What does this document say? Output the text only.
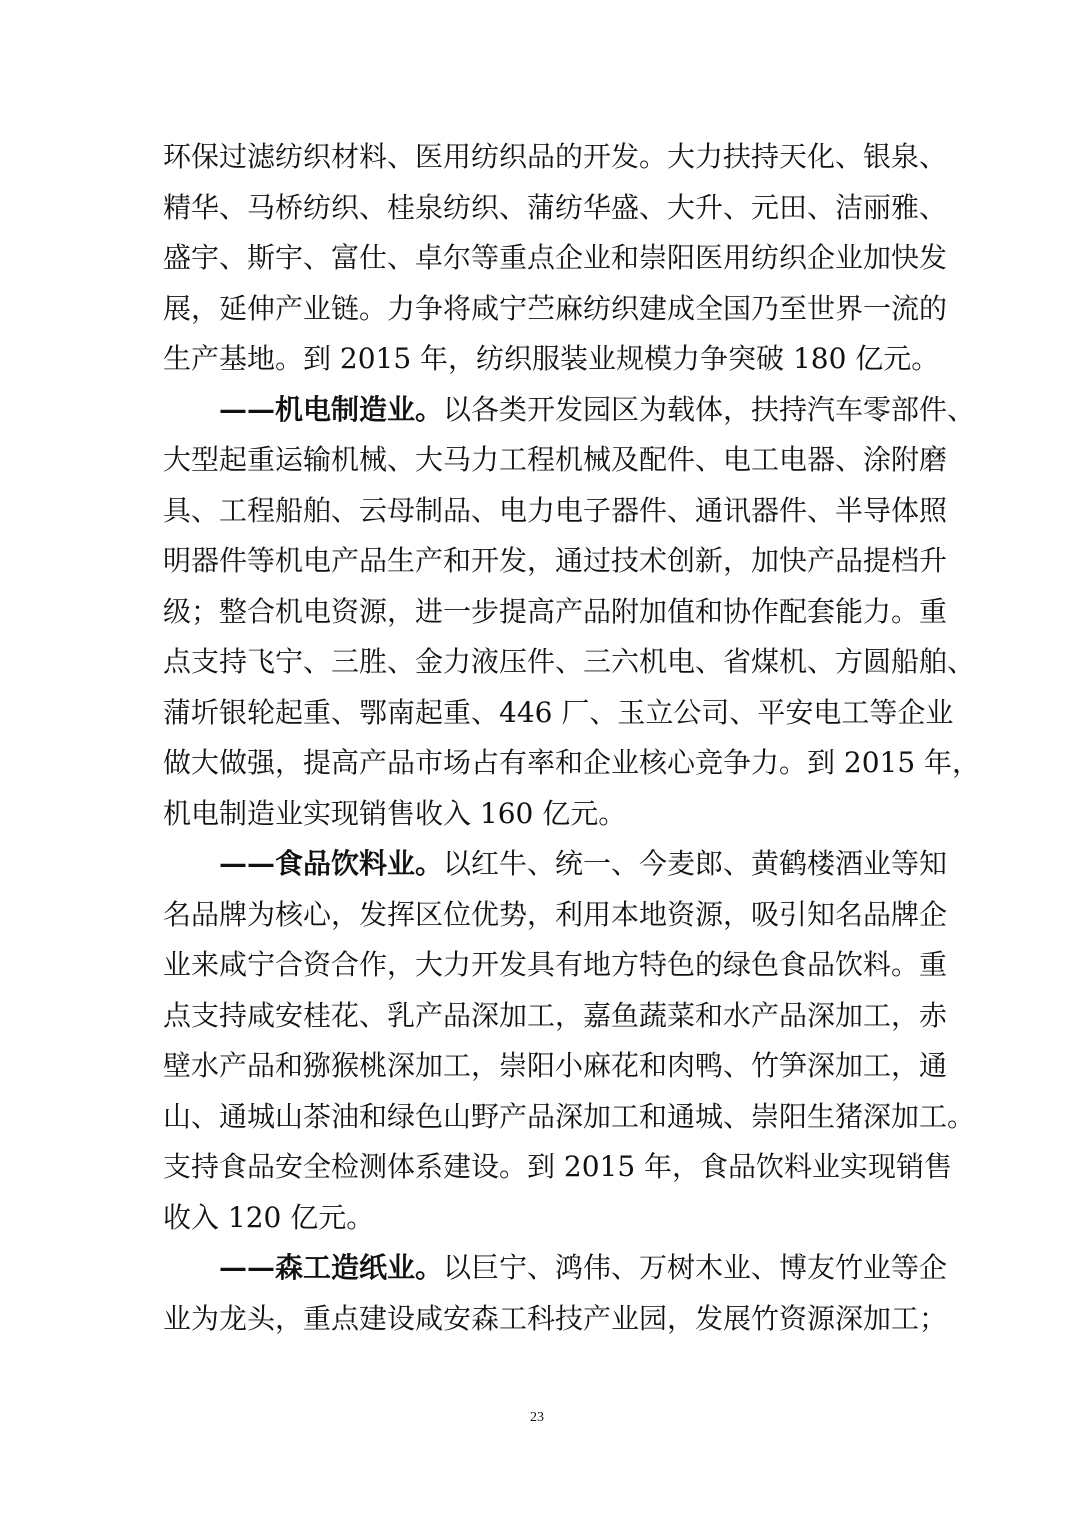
环保过滤纺织材料、医用纺织品的开发。大力扶持天化、银泉、
精华、马桥纺织、桂泉纺织、蒲纺华盛、大升、元田、洁丽雅、
盛宇、斯宇、富仕、卓尔等重点企业和崇阳医用纺织企业加快发
展，延伸产业链。力争将咸宁苎麻纺织建成全国乃至世界一流的
生产基地。到 2015 年，纺织服装业规模力争突破 180 亿元。
——机电制造业。以各类开发园区为载体，扶持汽车零部件、
大型起重运输机械、大马力工程机械及配件、电工电器、涂附磨
具、工程船舶、云母制品、电力电子器件、通讯器件、半导体照
明器件等机电产品生产和开发，通过技术创新，加快产品提档升
级；整合机电资源，进一步提高产品附加值和协作配套能力。重
点支持飞宁、三胜、金力液压件、三六机电、省煤机、方圆船舶、
蒲圻银轮起重、鄂南起重、446 厂、玉立公司、平安电工等企业
做大做强，提高产品市场占有率和企业核心竞争力。到 2015 年，
机电制造业实现销售收入 160 亿元。
——食品饮料业。以红牛、统一、今麦郎、黄鹤楼酒业等知
名品牌为核心，发挥区位优势，利用本地资源，吸引知名品牌企
业来咸宁合资合作，大力开发具有地方特色的绿色食品饮料。重
点支持咸安桂花、乳产品深加工，嘉鱼蔬菜和水产品深加工，赤
壁水产品和猕猴桃深加工，崇阳小麻花和肉鸭、竹笋深加工，通
山、通城山茶油和绿色山野产品深加工和通城、崇阳生猪深加工。
支持食品安全检测体系建设。到 2015 年，食品饮料业实现销售
收入 120 亿元。
——森工造纸业。以巨宁、鸿伟、万树木业、博友竹业等企
业为龙头，重点建设咸安森工科技产业园，发展竹资源深加工；
23
